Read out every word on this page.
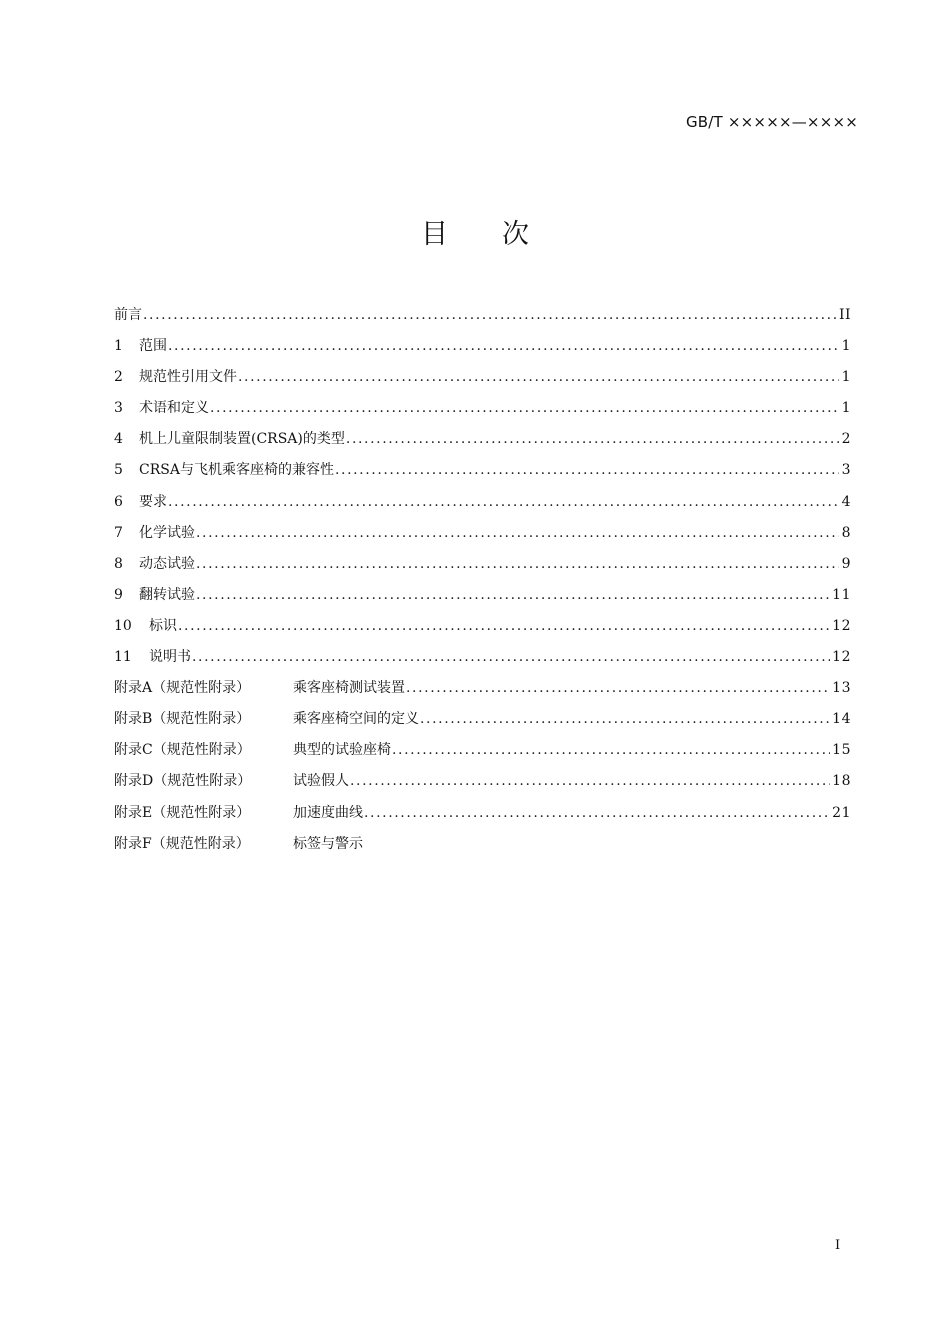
GB/T ×××××—××××
目　　次
前言 .....	II
1	范围 .....	1
2	规范性引用文件 .....	1
3	术语和定义 .....	1
4	机上儿童限制装置(CRSA)的类型 .....	2
5	CRSA与飞机乘客座椅的兼容性 .....	3
6	要求 .....	4
7	化学试验 .....	8
8	动态试验 .....	9
9	翻转试验 .....	11
10	标识 .....	12
11	说明书 .....	12
附录A（规范性附录）	乘客座椅测试装置 .....	13
附录B（规范性附录）	乘客座椅空间的定义 .....	14
附录C（规范性附录）	典型的试验座椅 .....	15
附录D（规范性附录）	试验假人 .....	18
附录E（规范性附录）	加速度曲线 .....	21
附录F（规范性附录）	标签与警示
I
